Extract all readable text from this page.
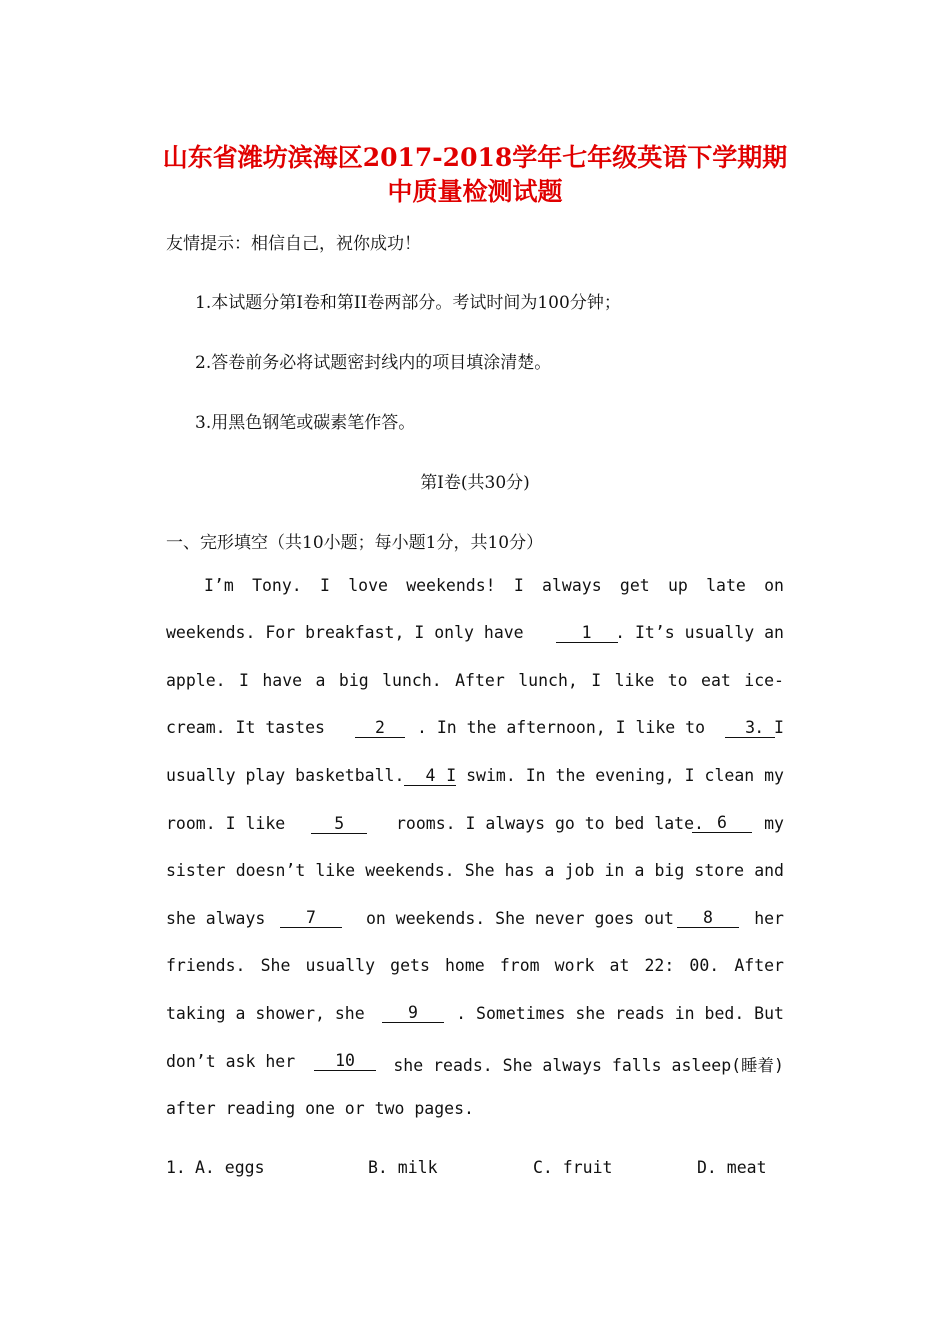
山东省潍坊滨海区2017-2018学年七年级英语下学期期
中质量检测试题
友情提示：相信自己，祝你成功！
1.本试题分第Ⅰ卷和第II卷两部分。考试时间为100分钟；
2.答卷前务必将试题密封线内的项目填涂清楚。
3.用黑色钢笔或碳素笔作答。
第Ⅰ卷(共30分)
一、完形填空（共10小题；每小题1分，共10分）
I’m Tony. I love weekends! I always get up late on
weekends. For breakfast, I only have	1 . It’s usually an
apple. I have a big lunch. After lunch, I like to eat ice-
cream. It tastes	2 . In the afternoon, I like to 3 . I
usually play basketball. 4 I swim. In the evening, I clean my
room. I like	5	rooms. I always go to bed late. 6	my
sister doesn’t like weekends. She has a job in a big store and
she always	7	on weekends. She never goes out	8	her
friends. She usually gets home from work at 22: 00. After
taking a shower, she	9	. Sometimes she reads in bed. But
don’t ask her	10	she reads. She always falls asleep(睡着)
after reading one or two pages.
1. A. eggs	B. milk	C. fruit	D. meat
